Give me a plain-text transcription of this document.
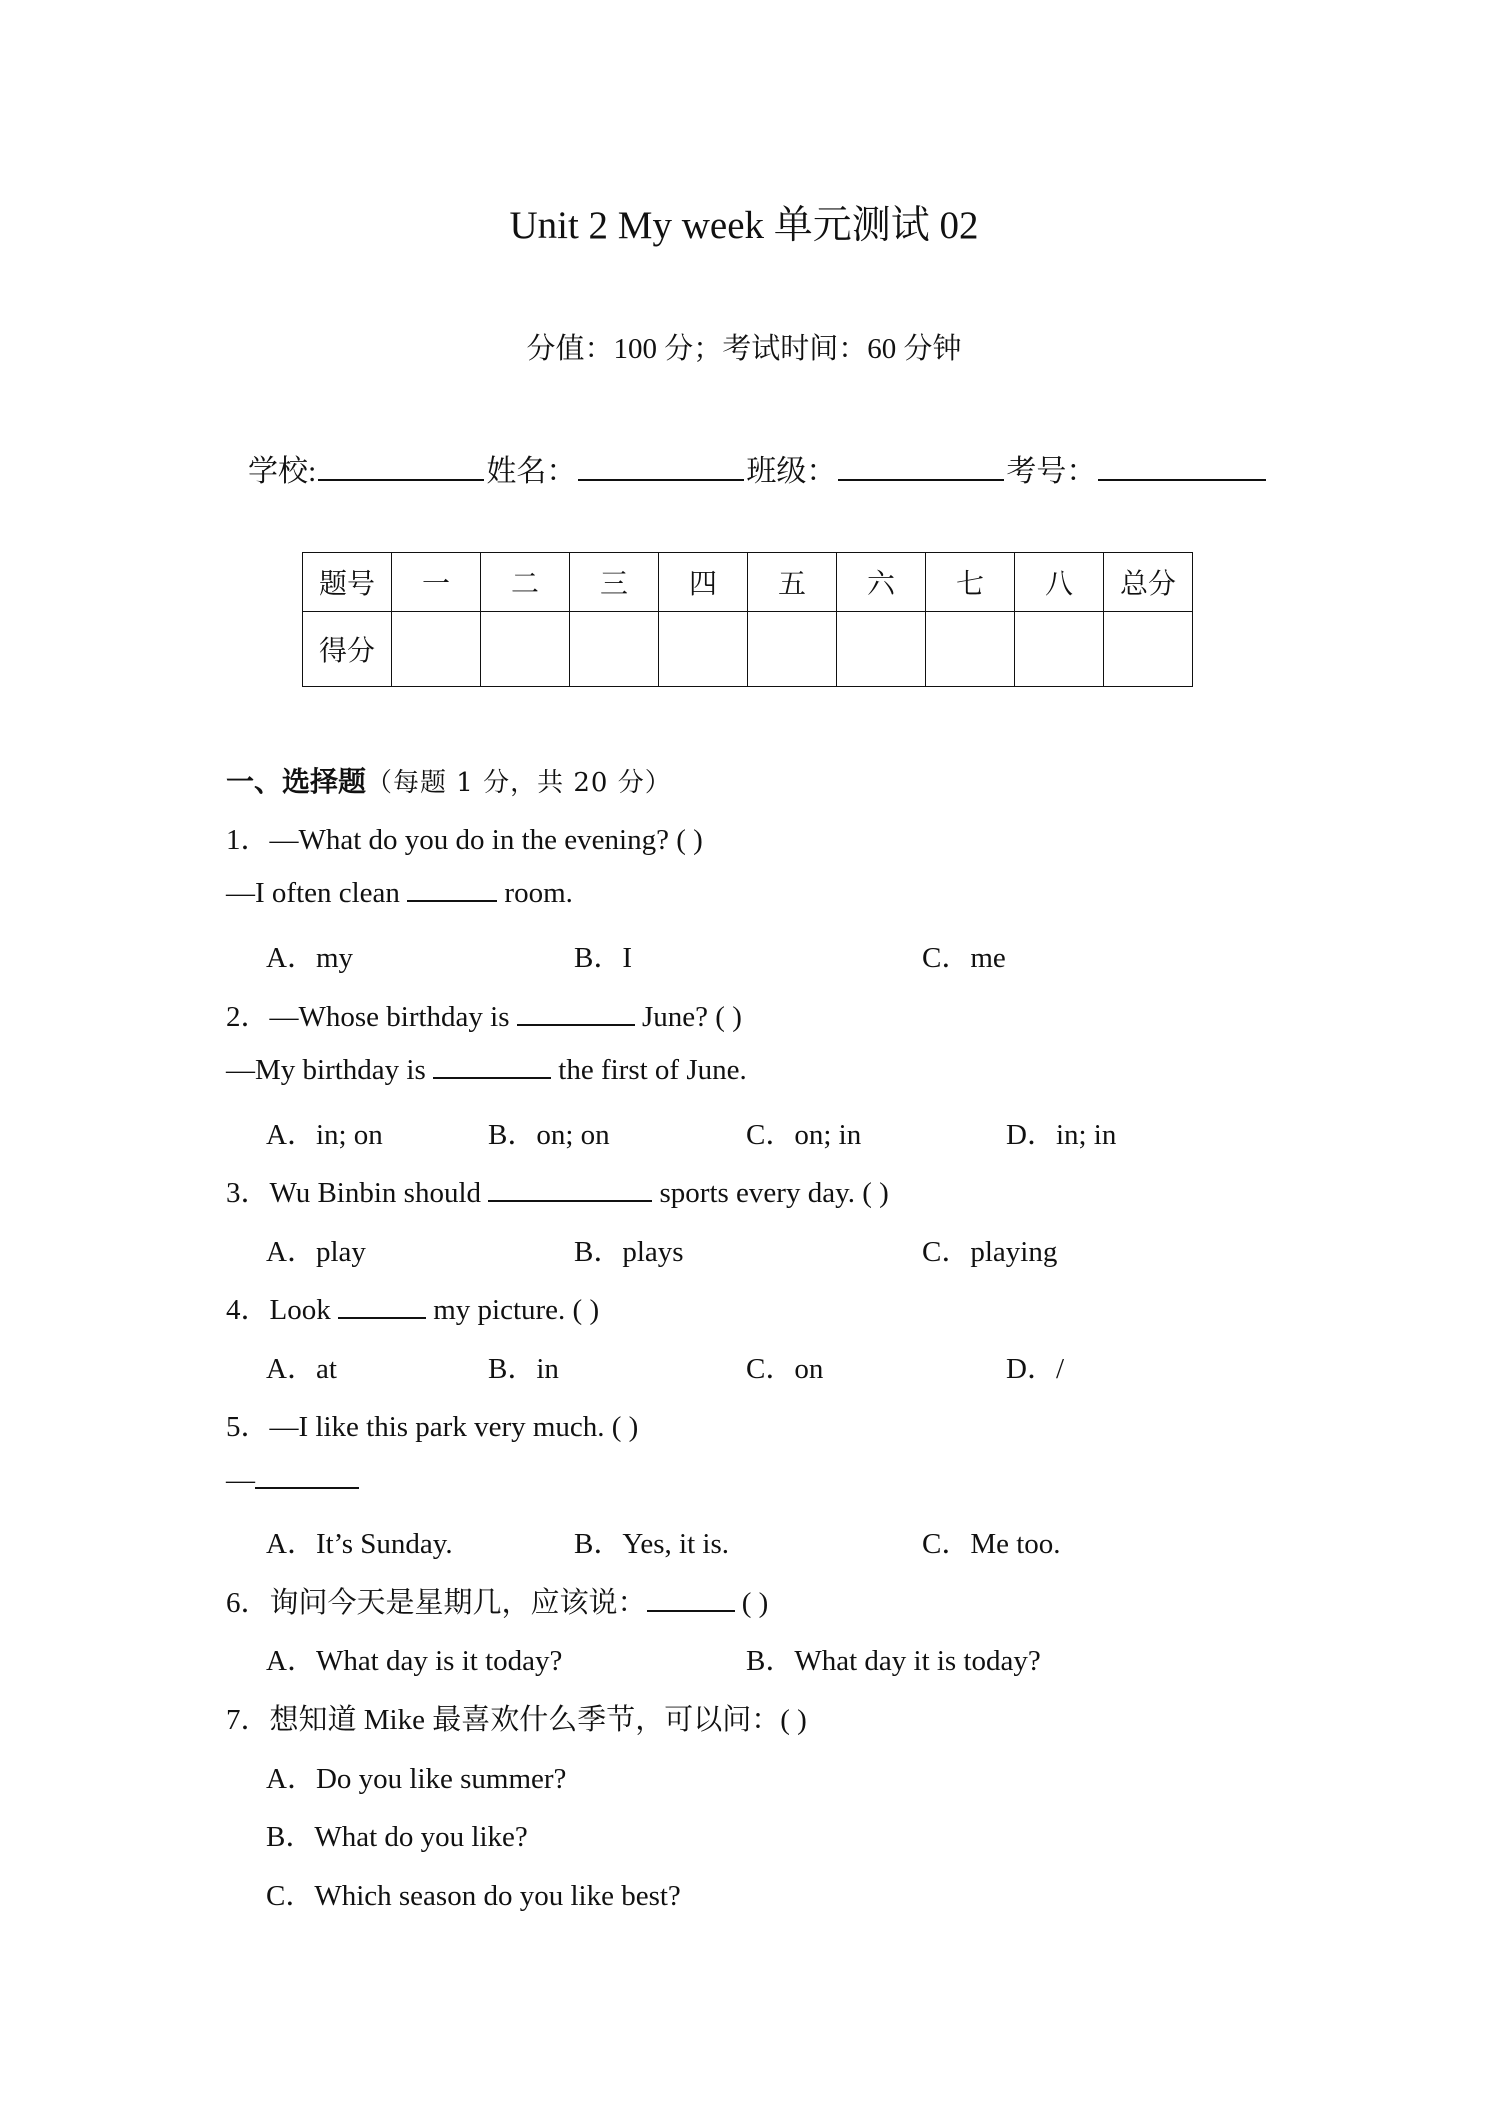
Unit 2 My week 单元测试 02
分值：100 分；考试时间：60 分钟
学校:	姓名：	班级：	考号：
题号	一	二	三	四	五	六	七	八	总分
得分									
一、选择题（每题 1 分，共 20 分）
1．—What do you do in the evening? ( )
—I often clean	room.
A．my	B．I	C．me
2．—Whose birthday is	June? ( )
—My birthday is	the first of June.
A．in; on	B．on; on	C．on; in	D．in; in
3．Wu Binbin should	sports every day. ( )
A．play	B．plays	C．playing
4．Look	my picture. ( )
A．at	B．in	C．on	D．/
5．—I like this park very much. ( )
—
A．It’s Sunday.	B．Yes, it is.	C．Me too.
6．询问今天是星期几，应该说：	( )
A．What day is it today?	B．What day it is today?
7．想知道 Mike 最喜欢什么季节，可以问：( )
A．Do you like summer?
B．What do you like?
C．Which season do you like best?
